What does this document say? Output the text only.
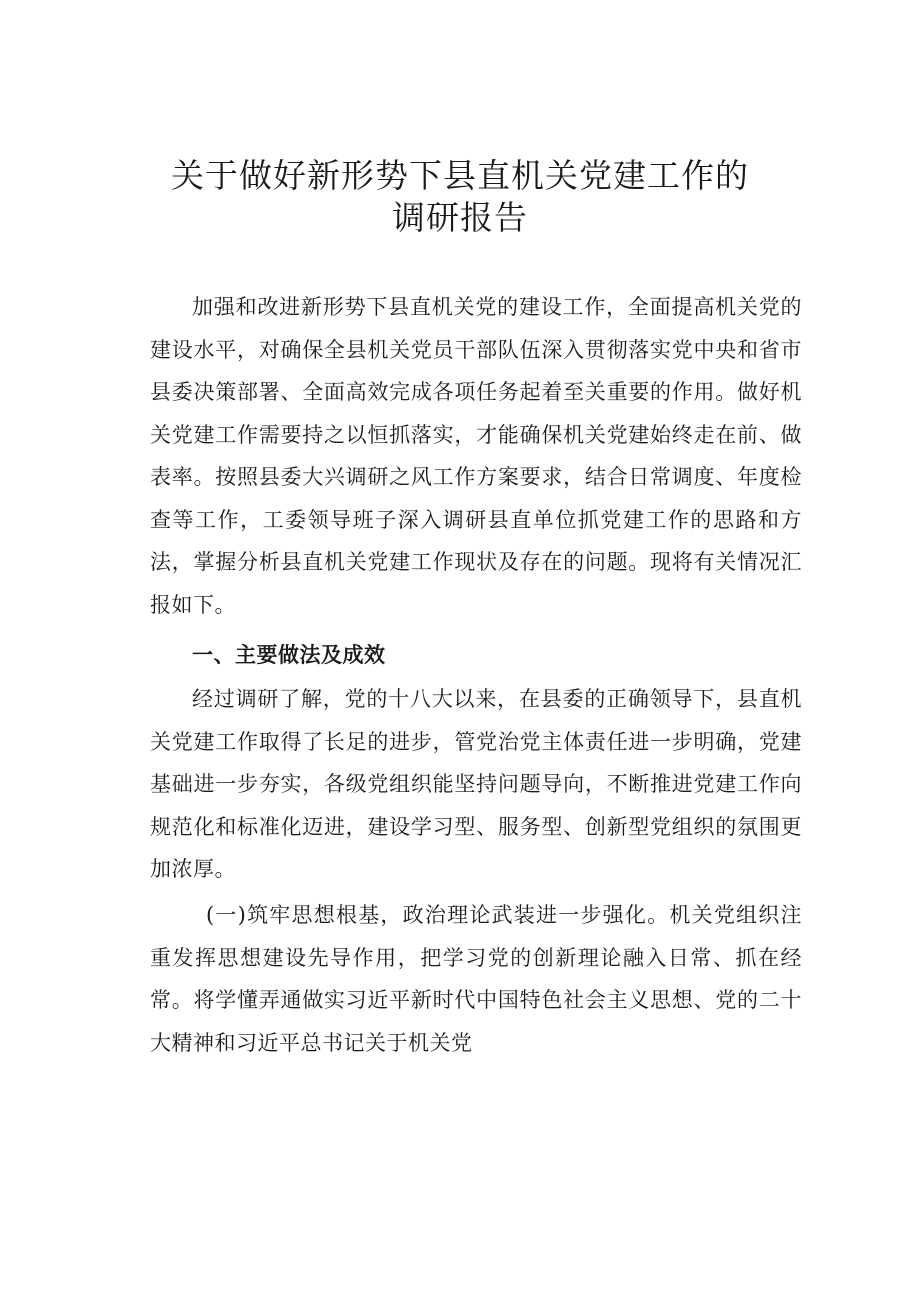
关于做好新形势下县直机关党建工作的
调研报告

加强和改进新形势下县直机关党的建设工作，全面提高机关党的建设水平，对确保全县机关党员干部队伍深入贯彻落实党中央和省市县委决策部署、全面高效完成各项任务起着至关重要的作用。做好机关党建工作需要持之以恒抓落实，才能确保机关党建始终走在前、做表率。按照县委大兴调研之风工作方案要求，结合日常调度、年度检查等工作，工委领导班子深入调研县直单位抓党建工作的思路和方法，掌握分析县直机关党建工作现状及存在的问题。现将有关情况汇报如下。

一、主要做法及成效

经过调研了解，党的十八大以来，在县委的正确领导下，县直机关党建工作取得了长足的进步，管党治党主体责任进一步明确，党建基础进一步夯实，各级党组织能坚持问题导向，不断推进党建工作向规范化和标准化迈进，建设学习型、服务型、创新型党组织的氛围更加浓厚。

(一)筑牢思想根基，政治理论武装进一步强化。机关党组织注重发挥思想建设先导作用，把学习党的创新理论融入日常、抓在经常。将学懂弄通做实习近平新时代中国特色社会主义思想、党的二十大精神和习近平总书记关于机关党
